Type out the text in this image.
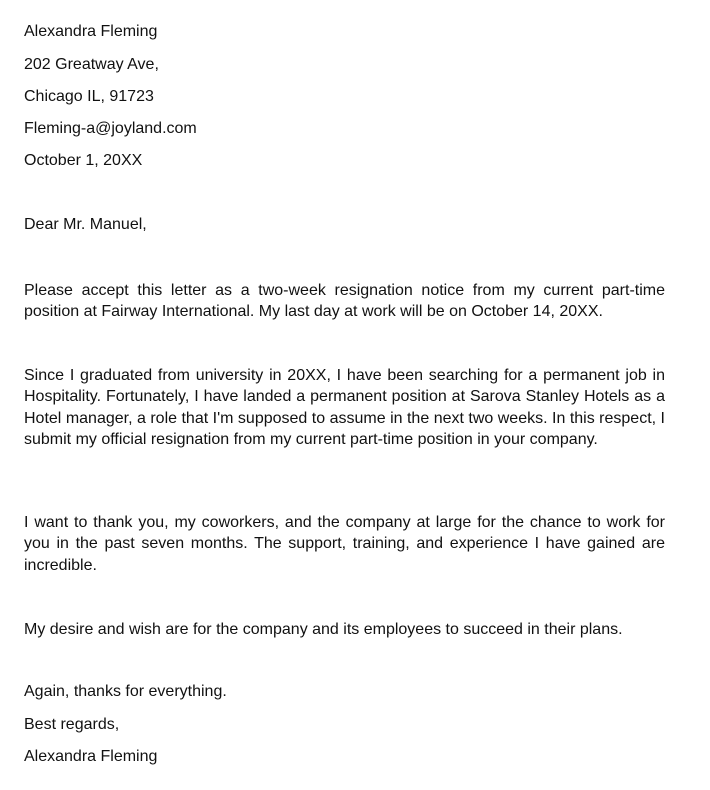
Alexandra Fleming
202 Greatway Ave,
Chicago IL, 91723
Fleming-a@joyland.com
October 1, 20XX
Dear Mr. Manuel,
Please accept this letter as a two-week resignation notice from my current part-time position at Fairway International. My last day at work will be on October 14, 20XX.
Since I graduated from university in 20XX, I have been searching for a permanent job in Hospitality. Fortunately, I have landed a permanent position at Sarova Stanley Hotels as a Hotel manager, a role that I'm supposed to assume in the next two weeks. In this respect, I submit my official resignation from my current part-time position in your company.
I want to thank you, my coworkers, and the company at large for the chance to work for you in the past seven months. The support, training, and experience I have gained are incredible.
My desire and wish are for the company and its employees to succeed in their plans.
Again, thanks for everything.
Best regards,
Alexandra Fleming
